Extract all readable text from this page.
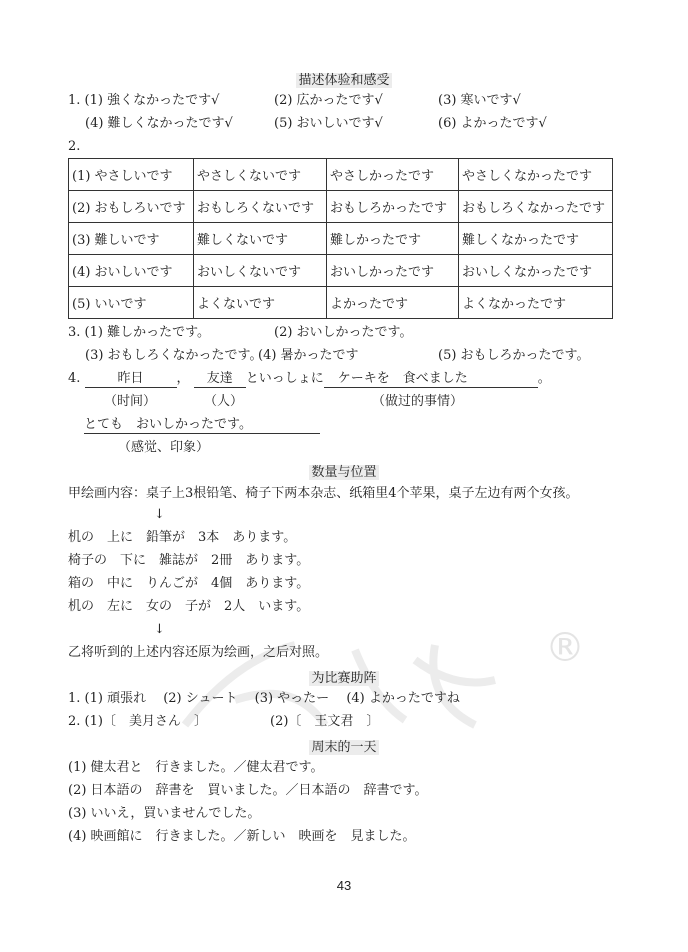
®
描述体验和感受
1. (1) 強くなかったです√	(2) 広かったです√	(3) 寒いです√
(4) 難しくなかったです√	(5) おいしいです√	(6) よかったです√
2.
(1) やさしいです	やさしくないです	やさしかったです	やさしくなかったです
(2) おもしろいです	おもしろくないです	おもしろかったです	おもしろくなかったです
(3) 難しいです	難しくないです	難しかったです	難しくなかったです
(4) おいしいです	おいしくないです	おいしかったです	おいしくなかったです
(5) いいです	よくないです	よかったです	よくなかったです
3. (1) 難しかったです。	(2) おいしかったです。
(3) おもしろくなかったです。
(4) 暑かったです	(5) おもしろかったです。
4.	昨日	， 友達 といっしょに ケーキを　食べました	。
（时间）	（人）	（做过的事情）
とても　おいしかったです。
（感觉、印象）
数量与位置
甲绘画内容：桌子上3根铅笔、椅子下两本杂志、纸箱里4个苹果，桌子左边有两个女孩。
↓
机の　上に　鉛筆が　3本　あります。
椅子の　下に　雑誌が　2冊　あります。
箱の　中に　りんごが　4個　あります。
机の　左に　女の　子が　2人　います。
↓
乙将听到的上述内容还原为绘画，之后对照。
为比赛助阵
1. (1) 頑張れ　 (2) シュート　 (3) やったー　 (4) よかったですね
2. (1)〔　美月さん　〕	(2)〔　王文君　〕
周末的一天
(1) 健太君と　行きました。／健太君です。
(2) 日本語の　辞書を　買いました。／日本語の　辞書です。
(3) いいえ，買いませんでした。
(4) 映画館に　行きました。／新しい　映画を　見ました。
43
